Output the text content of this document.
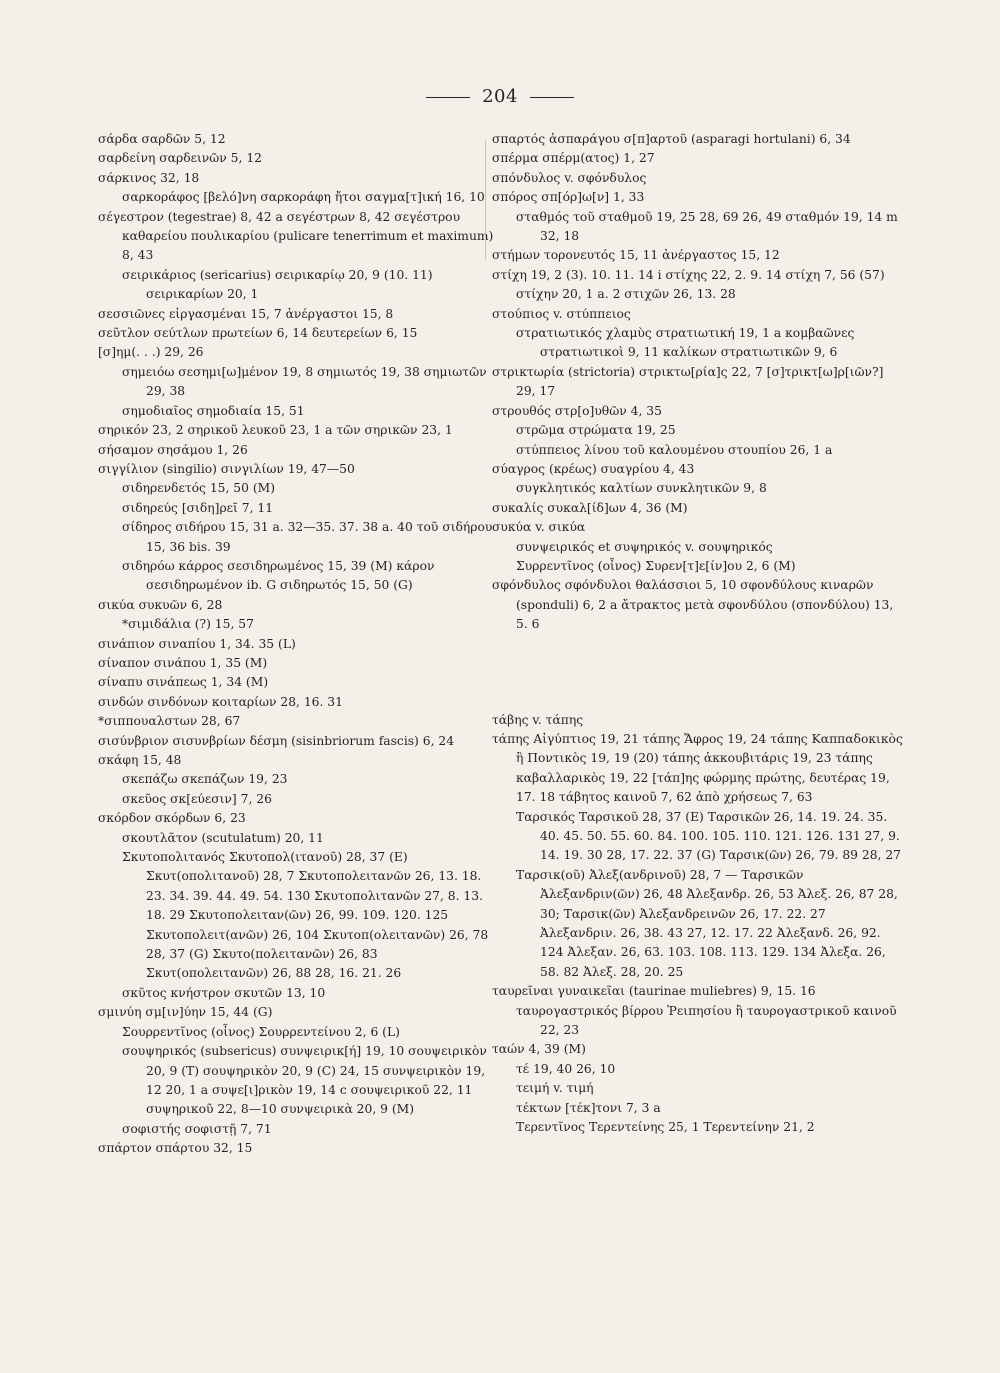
204
σάρδα σαρδῶν 5, 12
σαρδείνη σαρδεινῶν 5, 12
σάρκινος 32, 18
σαρκοράφος [βελό]νη σαρκοράφη ἤτοι σαγμα[τ]ική 16, 10
σέγεστρον (tegestrae) 8, 42 a σεγέστρων 8, 42 σεγέστρου καθαρείου πουλικαρίου (pulicare tenerrimum et maximum) 8, 43
σειρικάριος (sericarius) σειρικαρίῳ 20, 9 (10. 11) σειρικαρίων 20, 1
σεσσιῶνες εἰργασμέναι 15, 7 ἀνέργαστοι 15, 8
σεῦτλον σεύτλων πρωτείων 6, 14 δευτερείων 6, 15
[σ]ημ(. . .) 29, 26
σημειόω σεσημι[ω]μένον 19, 8 σημιωτός 19, 38 σημιωτῶν 29, 38
σημοδιαῖος σημοδιαία 15, 51
σηρικόν 23, 2 σηρικοῦ λευκοῦ 23, 1 a τῶν σηρικῶν 23, 1
σήσαμον σησάμου 1, 26
σιγγίλιον (singilio) σινγιλίων 19, 47—50
σιδηρενδετός 15, 50 (M)
σιδηρεύς [σιδη]ρεῖ 7, 11
σίδηρος σιδήρου 15, 31 a. 32—35. 37. 38 a. 40 τοῦ σιδήρου 15, 36 bis. 39
σιδηρόω κάρρος σεσιδηρωμένος 15, 39 (M) κάρον σεσιδηρωμένον ib. G σιδηρωτός 15, 50 (G)
σικύα συκυῶν 6, 28
*σιμιδάλια (?) 15, 57
σινάπιον σιναπίου 1, 34. 35 (L)
σίναπον σινάπου 1, 35 (M)
σίναπυ σινάπεως 1, 34 (M)
σινδών σινδόνων κοιταρίων 28, 16. 31
*σιππουαλστων 28, 67
σισύνβριον σισυνβρίων δέσμη (sisinbriorum fascis) 6, 24
σκάφη 15, 48
σκεπάζω σκεπάζων 19, 23
σκεῦος σκ[εύεσιν] 7, 26
σκόρδον σκόρδων 6, 23
σκουτλᾶτον (scutulatum) 20, 11
Σκυτοπολιτανός Σκυτοπολ(ιτανοῦ) 28, 37 (E) Σκυτ(οπολιτανοῦ) 28, 7 Σκυτοπολειτανῶν 26, 13. 18. 23. 34. 39. 44. 49. 54. 130 Σκυτοπολιτανῶν 27, 8. 13. 18. 29 Σκυτοπολειταν(ῶν) 26, 99. 109. 120. 125 Σκυτοπολειτ(ανῶν) 26, 104 Σκυτοπ(ολειτανῶν) 26, 78 28, 37 (G) Σκυτο(πολειτανῶν) 26, 83 Σκυτ(οπολειτανῶν) 26, 88 28, 16. 21. 26
σκῦτος κνήστρον σκυτῶν 13, 10
σμινύη σμ[ιν]ύην 15, 44 (G)
Σουρρεντῖνος (οἶνος) Σουρρεντείνου 2, 6 (L)
σουψηρικός (subsericus) συνψειρικ[ή] 19, 10 σουψειρικὸν 20, 9 (T) σουψηρικὸν 20, 9 (C) 24, 15 συνψειρικὸν 19, 12 20, 1 a συψε[ι]ρικὸν 19, 14 c σουψειρικοῦ 22, 11 συψηρικοῦ 22, 8—10 συνψειρικὰ 20, 9 (M)
σοφιστής σοφιστῇ 7, 71
σπάρτον σπάρτου 32, 15
σπαρτός ἀσπαράγου σ[π]αρτοῦ (asparagi hortulani) 6, 34
σπέρμα σπέρμ(ατος) 1, 27
σπόνδυλος v. σφόνδυλος
σπόρος σπ[όρ]ω[ν] 1, 33
σταθμός τοῦ σταθμοῦ 19, 25 28, 69 26, 49 σταθμόν 19, 14 m 32, 18
στήμων τορονευτός 15, 11 ἀνέργαστος 15, 12
στίχη 19, 2 (3). 10. 11. 14 i στίχης 22, 2. 9. 14 στίχη 7, 56 (57) στίχην 20, 1 a. 2 στιχῶν 26, 13. 28
στούπιος v. στύππειος
στρατιωτικός χλαμὺς στρατιωτική 19, 1 a κομβαῶνες στρατιωτικοὶ 9, 11 καλίκων στρατιωτικῶν 9, 6
στρικτωρία (strictoria) στρικτω[ρία]ς 22, 7 [σ]τρικτ[ω]ρ[ιῶν?] 29, 17
στρουθός στρ[ο]υθῶν 4, 35
στρῶμα στρώματα 19, 25
στύππειος λίνου τοῦ καλουμένου στουπίου 26, 1 a
σύαγρος (κρέως) συαγρίου 4, 43
συγκλητικός καλτίων συνκλητικῶν 9, 8
συκαλίς συκαλ[ίδ]ων 4, 36 (M)
συκύα v. σικύα
συνψειρικός et συψηρικός v. σουψηρικός
Συρρεντῖνος (οἶνος) Συρεν[τ]ε[ίν]ου 2, 6 (M)
σφόνδυλος σφόνδυλοι θαλάσσιοι 5, 10 σφονδύλους κιναρῶν (sponduli) 6, 2 a ἄτρακτος μετὰ σφονδύλου (σπονδύλου) 13, 5. 6
τάβης v. τάπης
τάπης Αἰγύπτιος 19, 21 τάπης Ἄφρος 19, 24 τάπης Καππαδοκικὸς ἢ Ποντικὸς 19, 19 (20) τάπης ἀκκουβιτάρις 19, 23 τάπης καβαλλαρικὸς 19, 22 [τάπ]ης φώρμης πρώτης, δευτέρας 19, 17. 18 τάβητος καινοῦ 7, 62 ἀπὸ χρήσεως 7, 63
Ταρσικός Ταρσικοῦ 28, 37 (E) Ταρσικῶν 26, 14. 19. 24. 35. 40. 45. 50. 55. 60. 84. 100. 105. 110. 121. 126. 131 27, 9. 14. 19. 30 28, 17. 22. 37 (G) Ταρσικ(ῶν) 26, 79. 89 28, 27
Ταρσικ(οῦ) Ἀλεξ(ανδρινοῦ) 28, 7 — Ταρσικῶν Ἀλεξανδριν(ῶν) 26, 48 Ἀλεξανδρ. 26, 53 Ἀλεξ. 26, 87 28, 30; Ταρσικ(ῶν) Ἀλεξανδρεινῶν 26, 17. 22. 27 Ἀλεξανδριν. 26, 38. 43 27, 12. 17. 22 Ἀλεξανδ. 26, 92. 124 Ἀλεξαν. 26, 63. 103. 108. 113. 129. 134 Ἀλεξα. 26, 58. 82 Ἀλεξ. 28, 20. 25
ταυρεῖναι γυναικεῖαι (taurinae muliebres) 9, 15. 16
ταυρογαστρικός βίρρου Ῥειπησίου ἢ ταυρογαστρικοῦ καινοῦ 22, 23
ταών 4, 39 (M)
τέ 19, 40 26, 10
τειμή v. τιμή
τέκτων [τέκ]τονι 7, 3 a
Τερεντῖνος Τερεντείνης 25, 1 Τερεντείνην 21, 2
